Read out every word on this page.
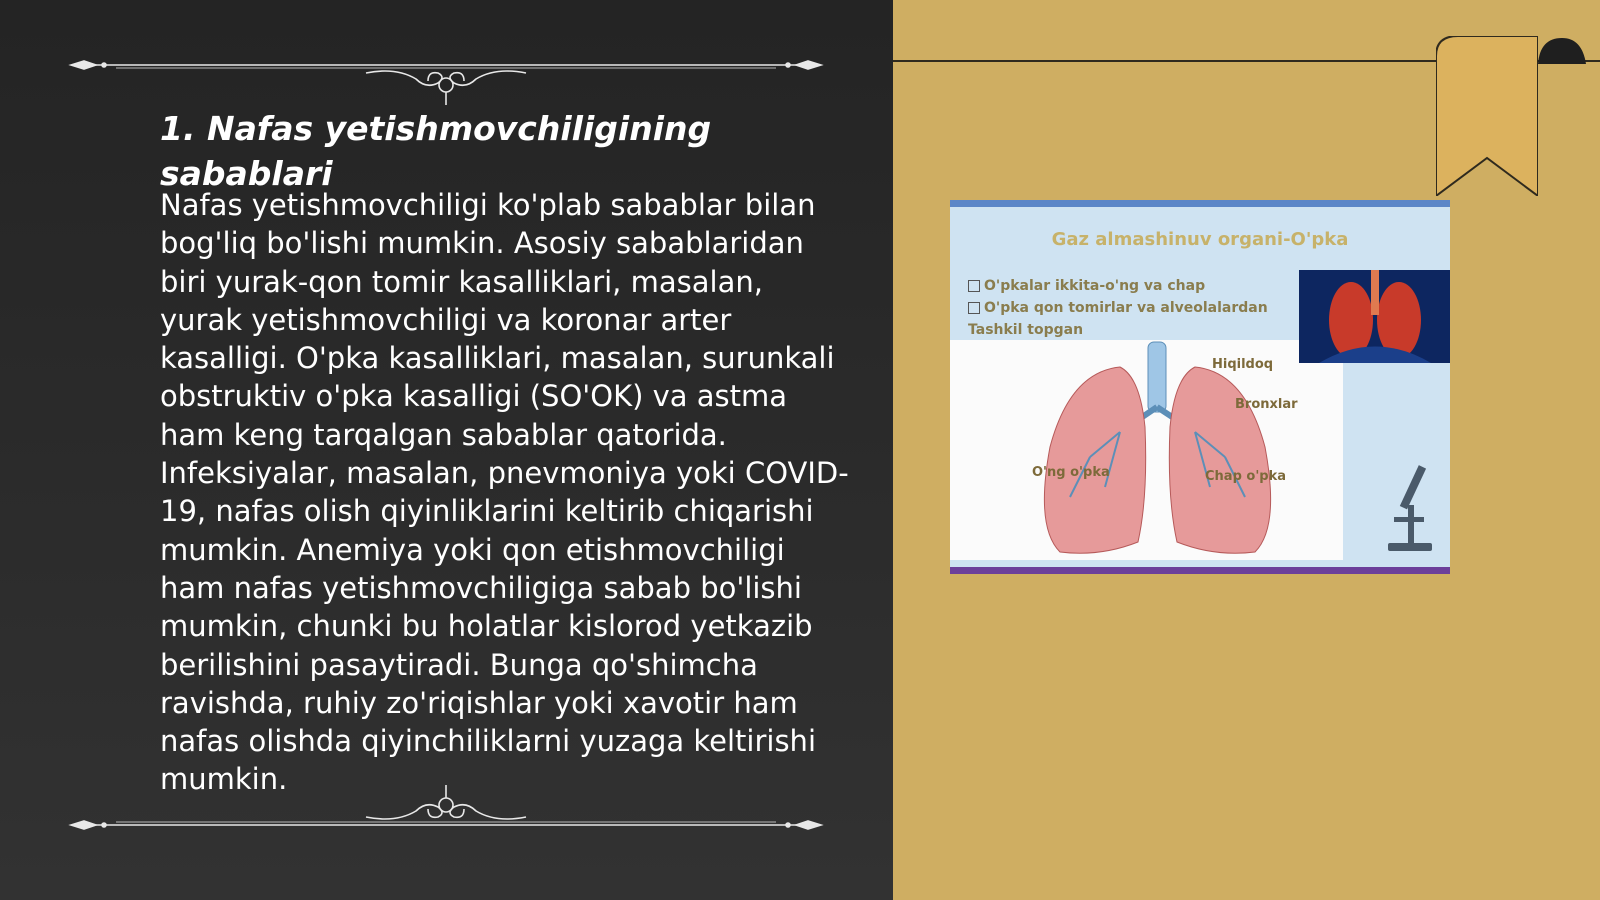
1. Nafas yetishmovchiligining sabablari

Nafas yetishmovchiligi ko'plab sabablar bilan bog'liq bo'lishi mumkin. Asosiy sabablaridan biri yurak-qon tomir kasalliklari, masalan, yurak yetishmovchiligi va koronar arter kasalligi. O'pka kasalliklari, masalan, surunkali obstruktiv o'pka kasalligi (SO'OK) va astma ham keng tarqalgan sabablar qatorida. Infeksiyalar, masalan, pnevmoniya yoki COVID-19, nafas olish qiyinliklarini keltirib chiqarishi mumkin. Anemiya yoki qon etishmovchiligi ham nafas yetishmovchiligiga sabab bo'lishi mumkin, chunki bu holatlar kislorod yetkazib berilishini pasaytiradi. Bunga qo'shimcha ravishda, ruhiy zo'riqishlar yoki xavotir ham nafas olishda qiyinchiliklarni yuzaga keltirishi mumkin.

Gaz almashinuv organi-O'pka
O'pkalar ikkita-o'ng va chap
O'pka qon tomirlar va alveolalardan
Tashkil topgan
Hiqildoq
Bronxlar
O'ng o'pka	Chap o'pka
